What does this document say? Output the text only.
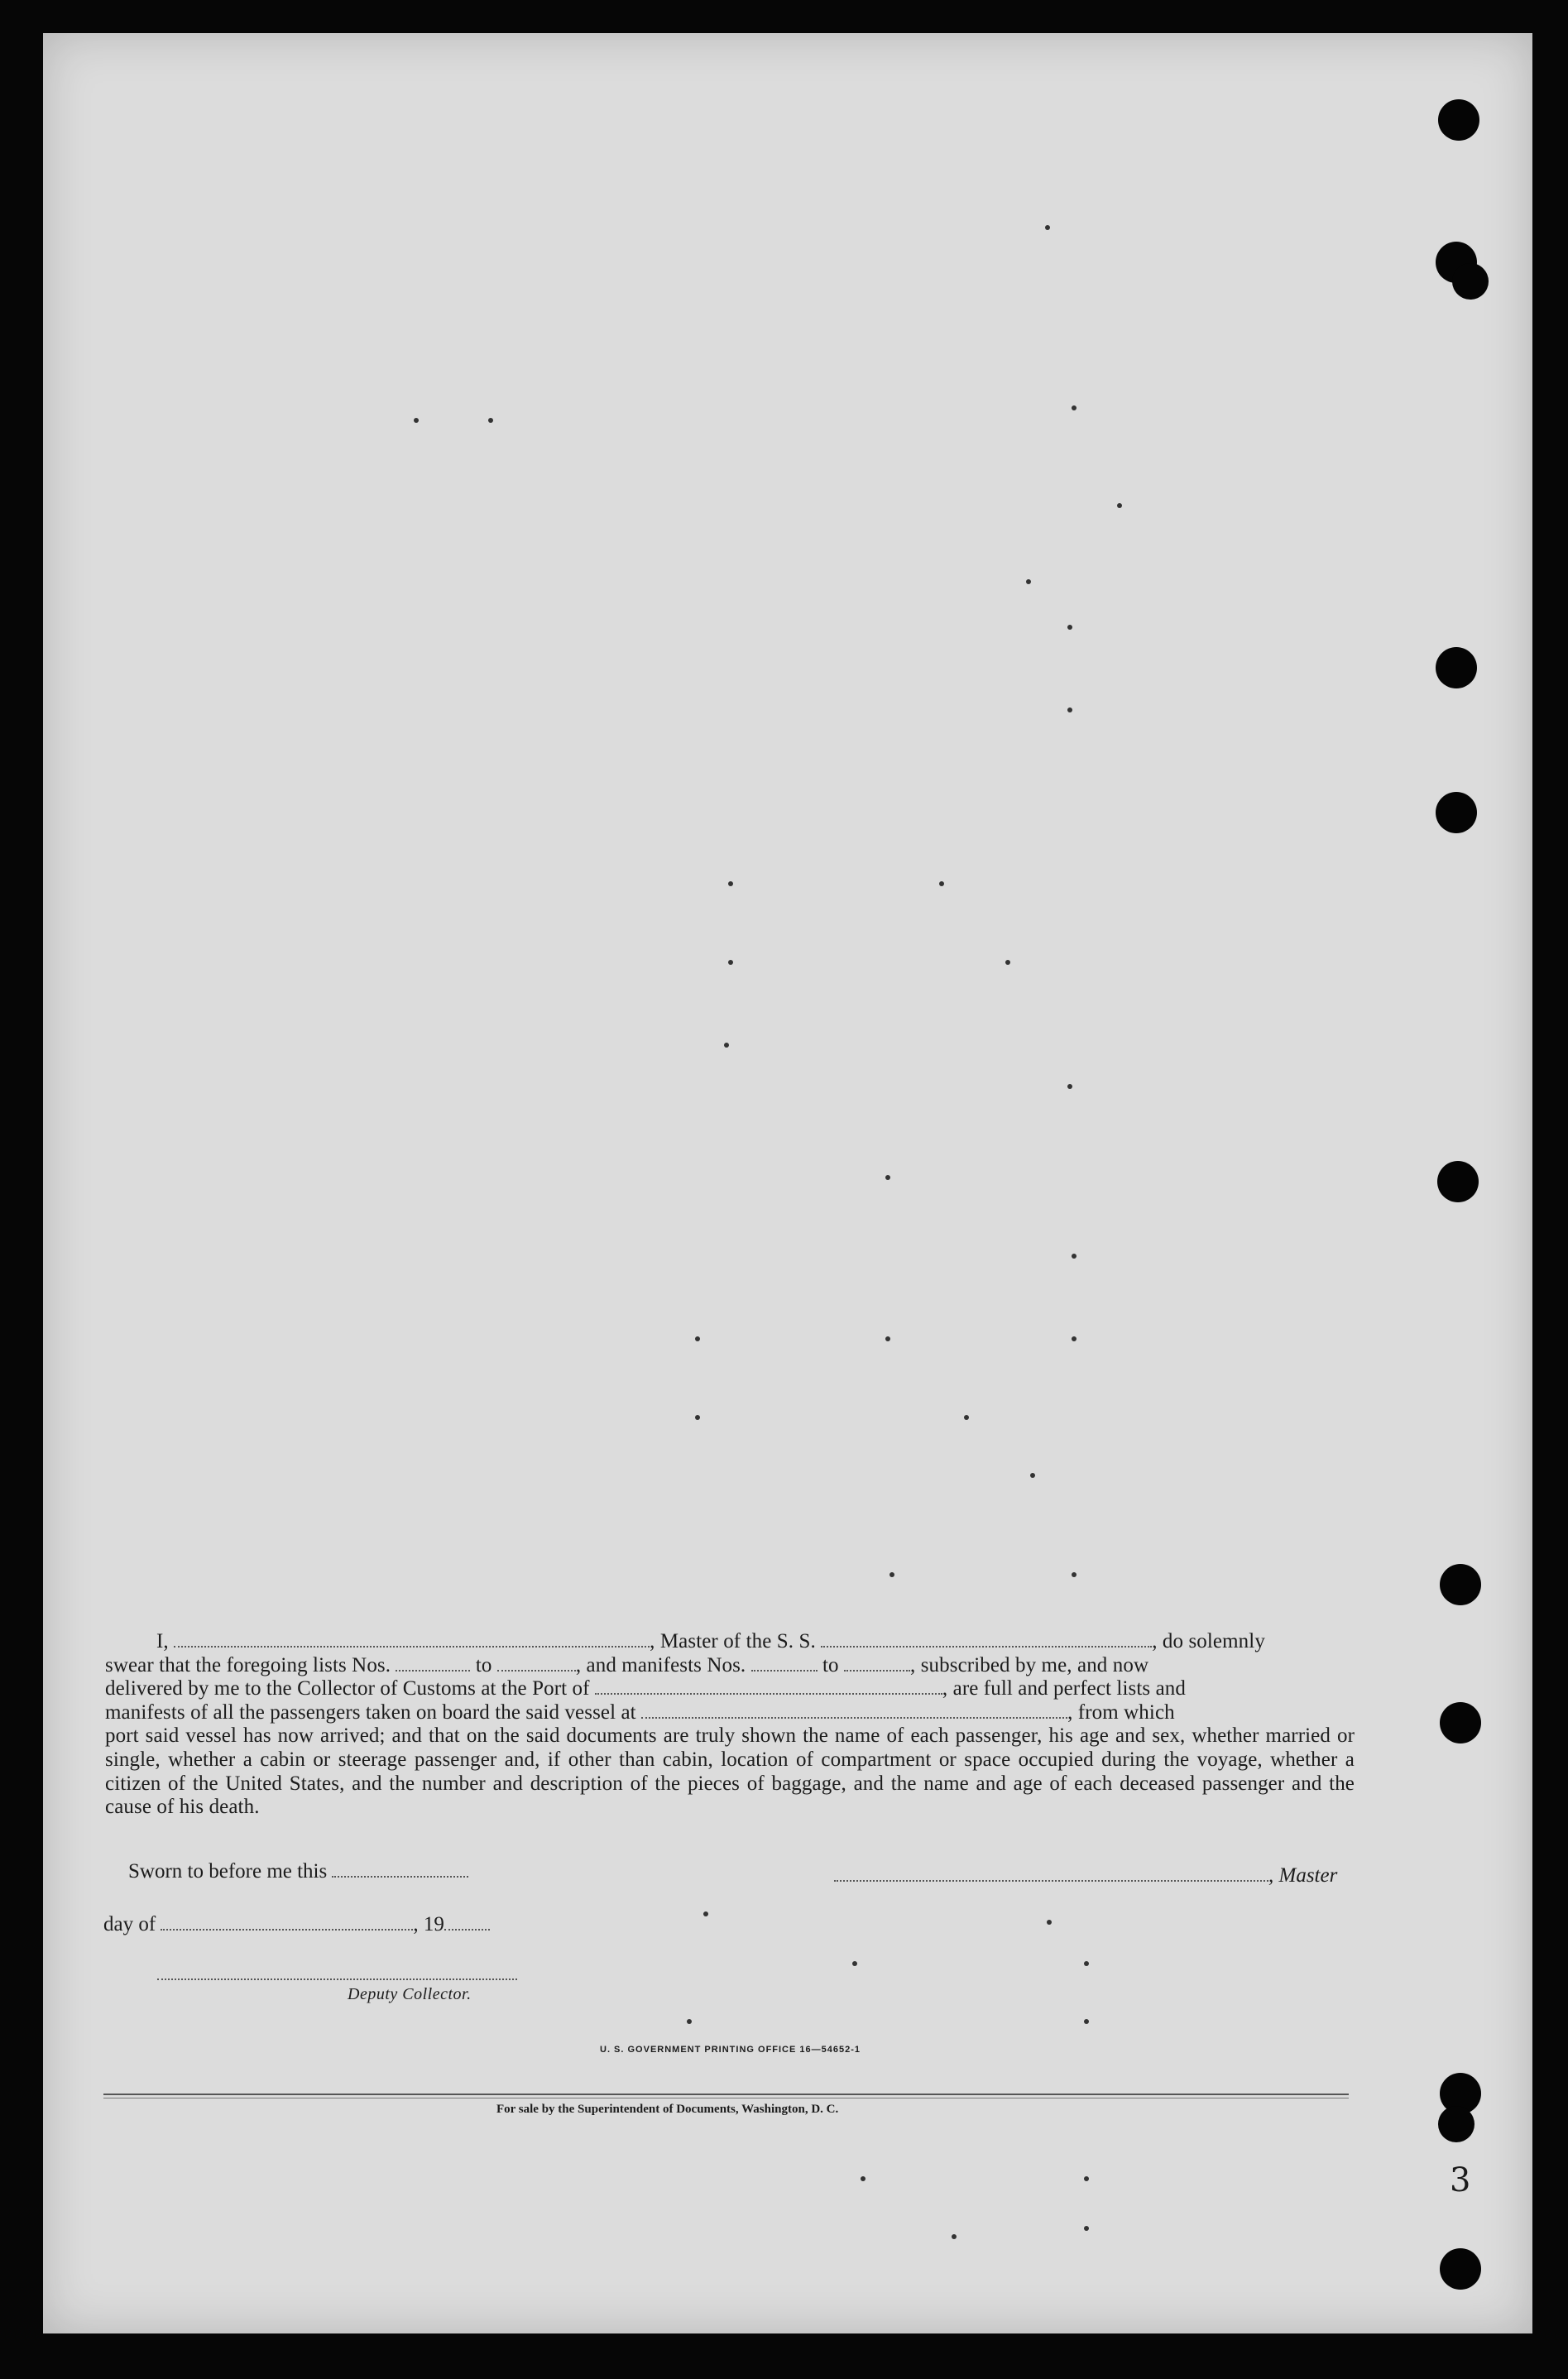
I,	, Master of the S. S.	, do solemnly

swear that the foregoing lists Nos.	to	, and manifests Nos.	to	, subscribed by me, and now
delivered by me to the Collector of Customs at the Port of	, are full and perfect lists and
manifests of all the passengers taken on board the said vessel at	, from which
port said vessel has now arrived; and that on the said documents are truly shown the name of each passenger, his age and sex, whether married or single, whether a cabin or steerage passenger and, if other than cabin, location of compartment or space occupied during the voyage, whether a citizen of the United States, and the number and description of the pieces of baggage, and the name and age of each deceased passenger and the cause of his death.
Sworn to before me this	, Master
day of	, 19
Deputy Collector.
U. S. GOVERNMENT PRINTING OFFICE 16—54652-1
For sale by the Superintendent of Documents, Washington, D. C.
3
